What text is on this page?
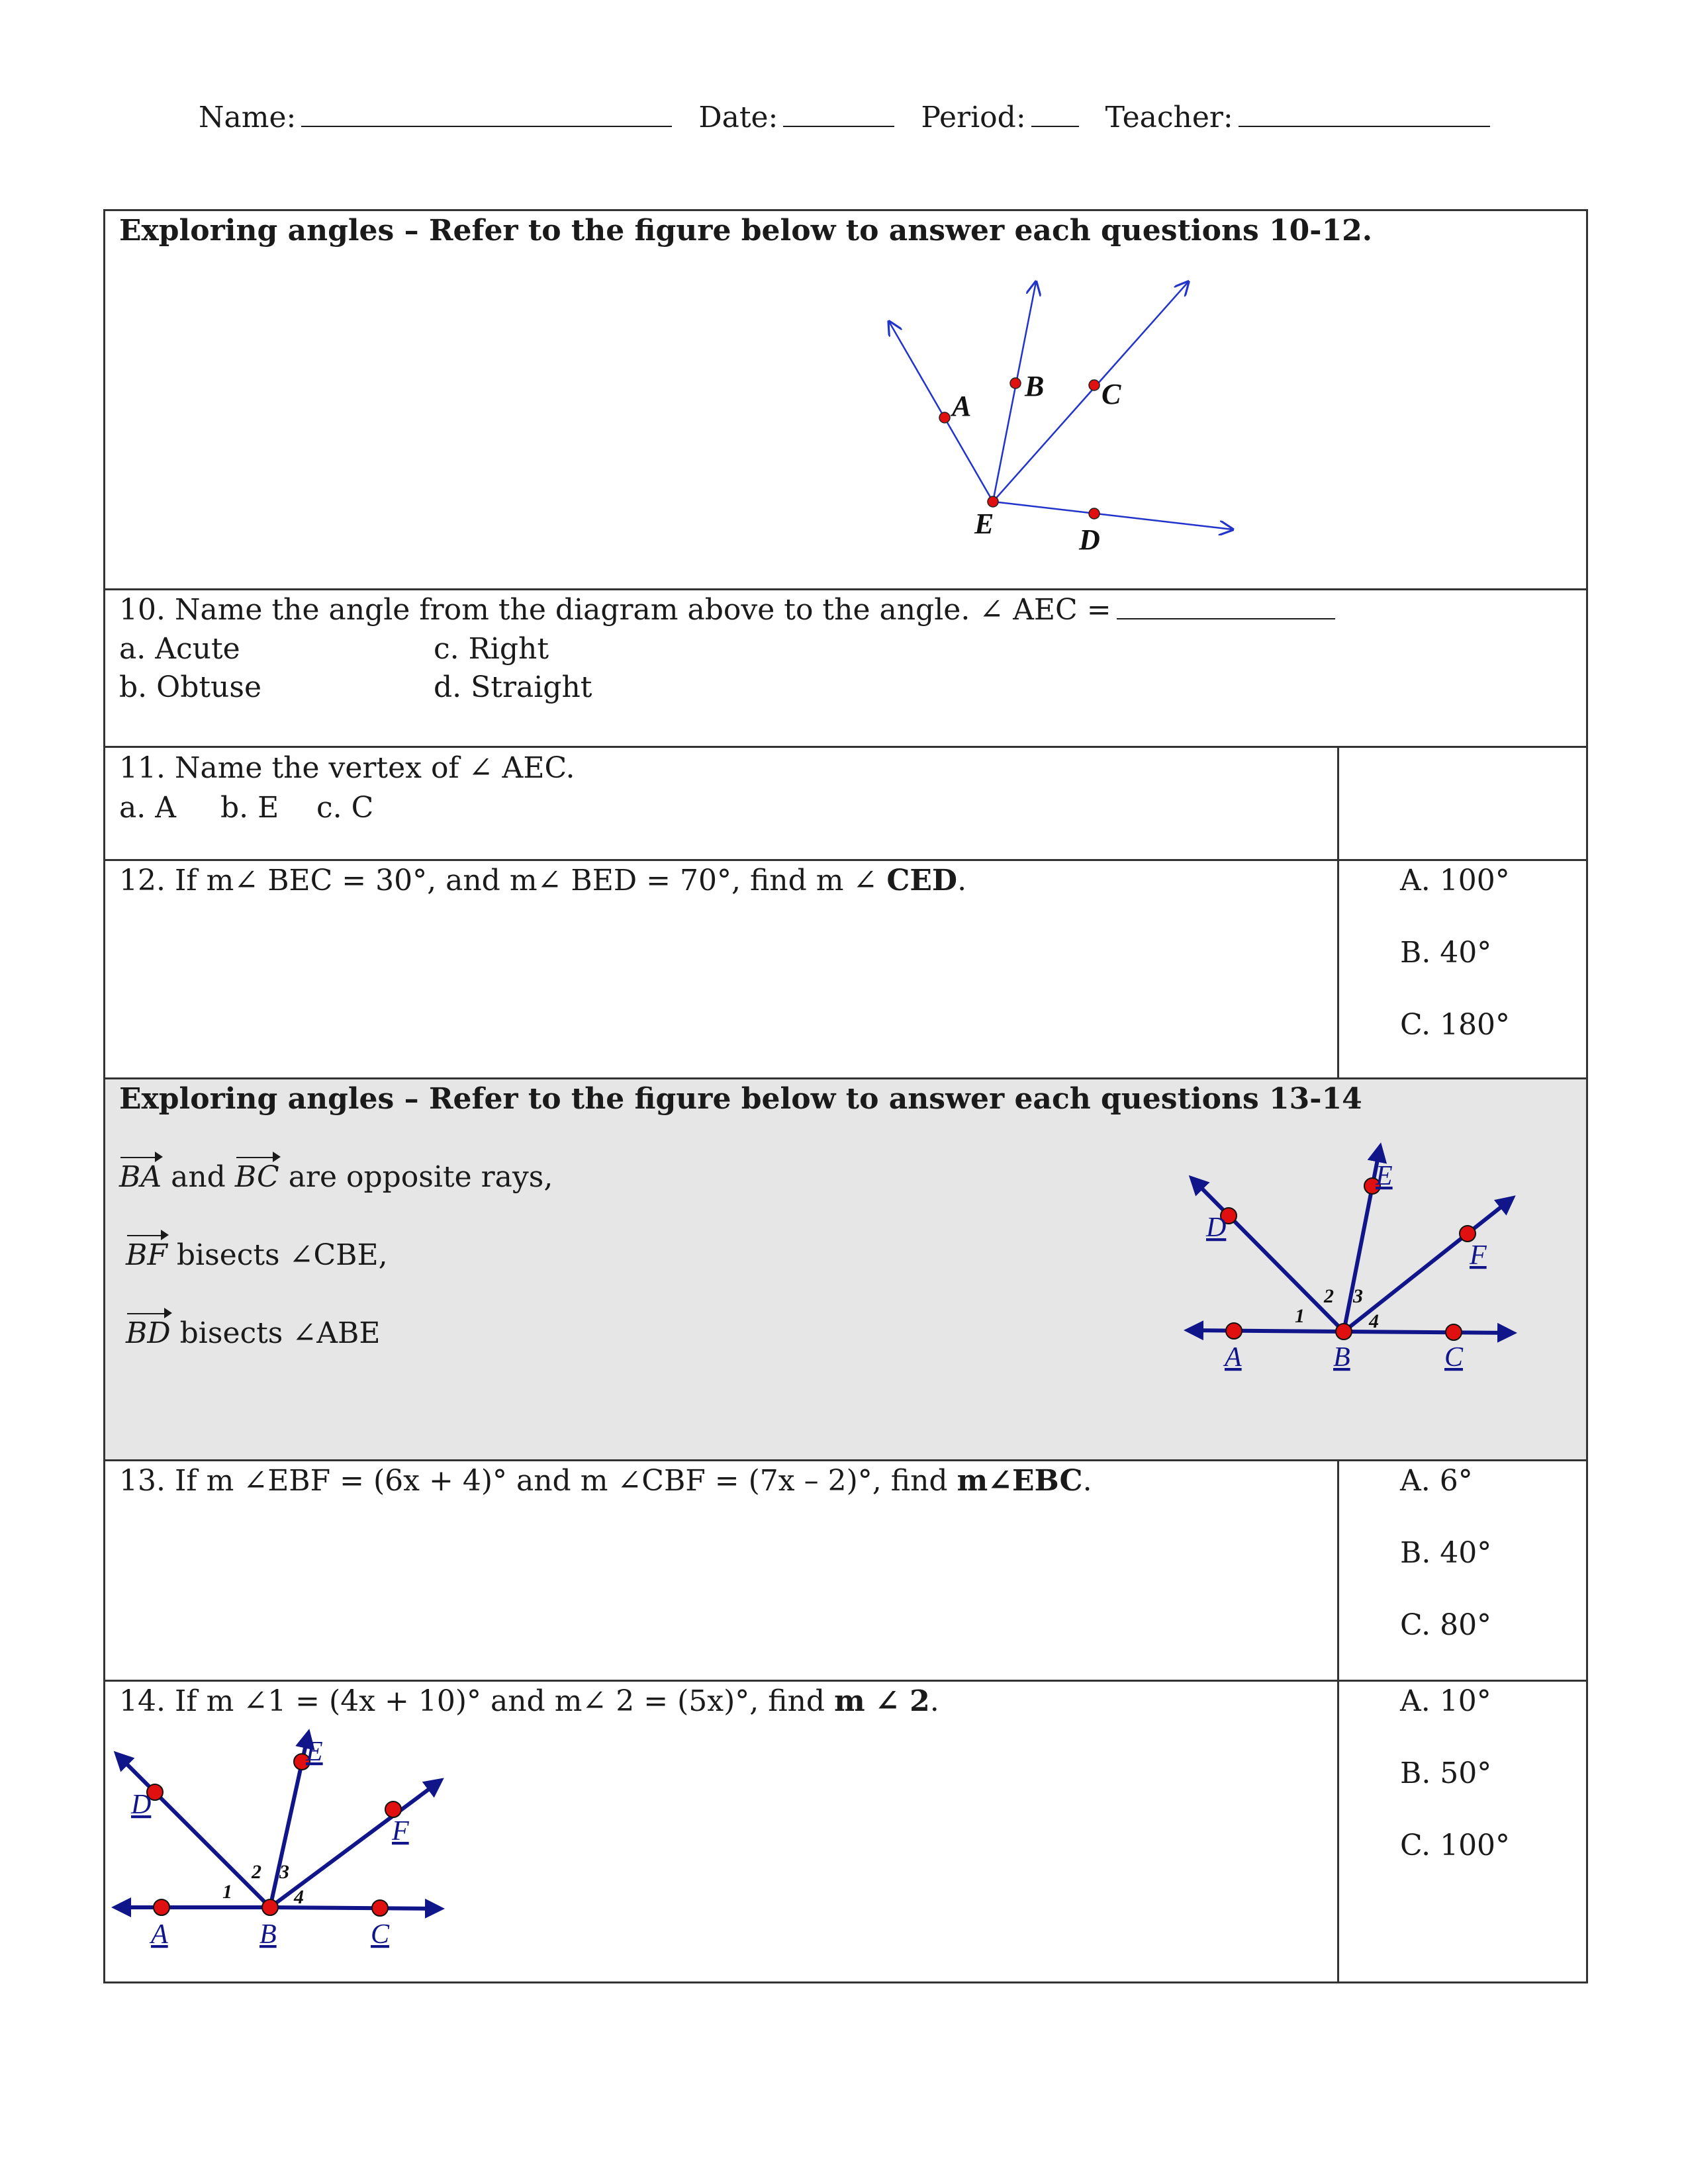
Name:	Date:	Period:	Teacher:
Exploring angles – Refer to the figure below to answer each questions 10-12.
A
B C
D
E
10. Name the angle from the diagram above to the angle. ∠ AEC =
a. Acute	c. Right
b. Obtuse	d. Straight
11. Name the vertex of ∠ AEC.
a. A b. E c. C
12. If m∠ BEC = 30°, and m∠ BED = 70°, find m ∠ CED.	A. 100°
B. 40°
C. 180°
Exploring angles – Refer to the figure below to answer each questions 13-14
BA and BC are opposite rays,
BF bisects ∠CBE,
BD bisects ∠ABE
A	B	C
D
E
F
1
2 3
4
13. If m ∠EBF = (6x + 4)° and m ∠CBF = (7x – 2)°, find m∠EBC.	A. 6°
B. 40°
C. 80°
14. If m ∠1 = (4x + 10)° and m∠ 2 = (5x)°, find m ∠ 2.	A. 10°
B. 50°
C. 100°
A	B	C
D
E
F
1
2 3
4
